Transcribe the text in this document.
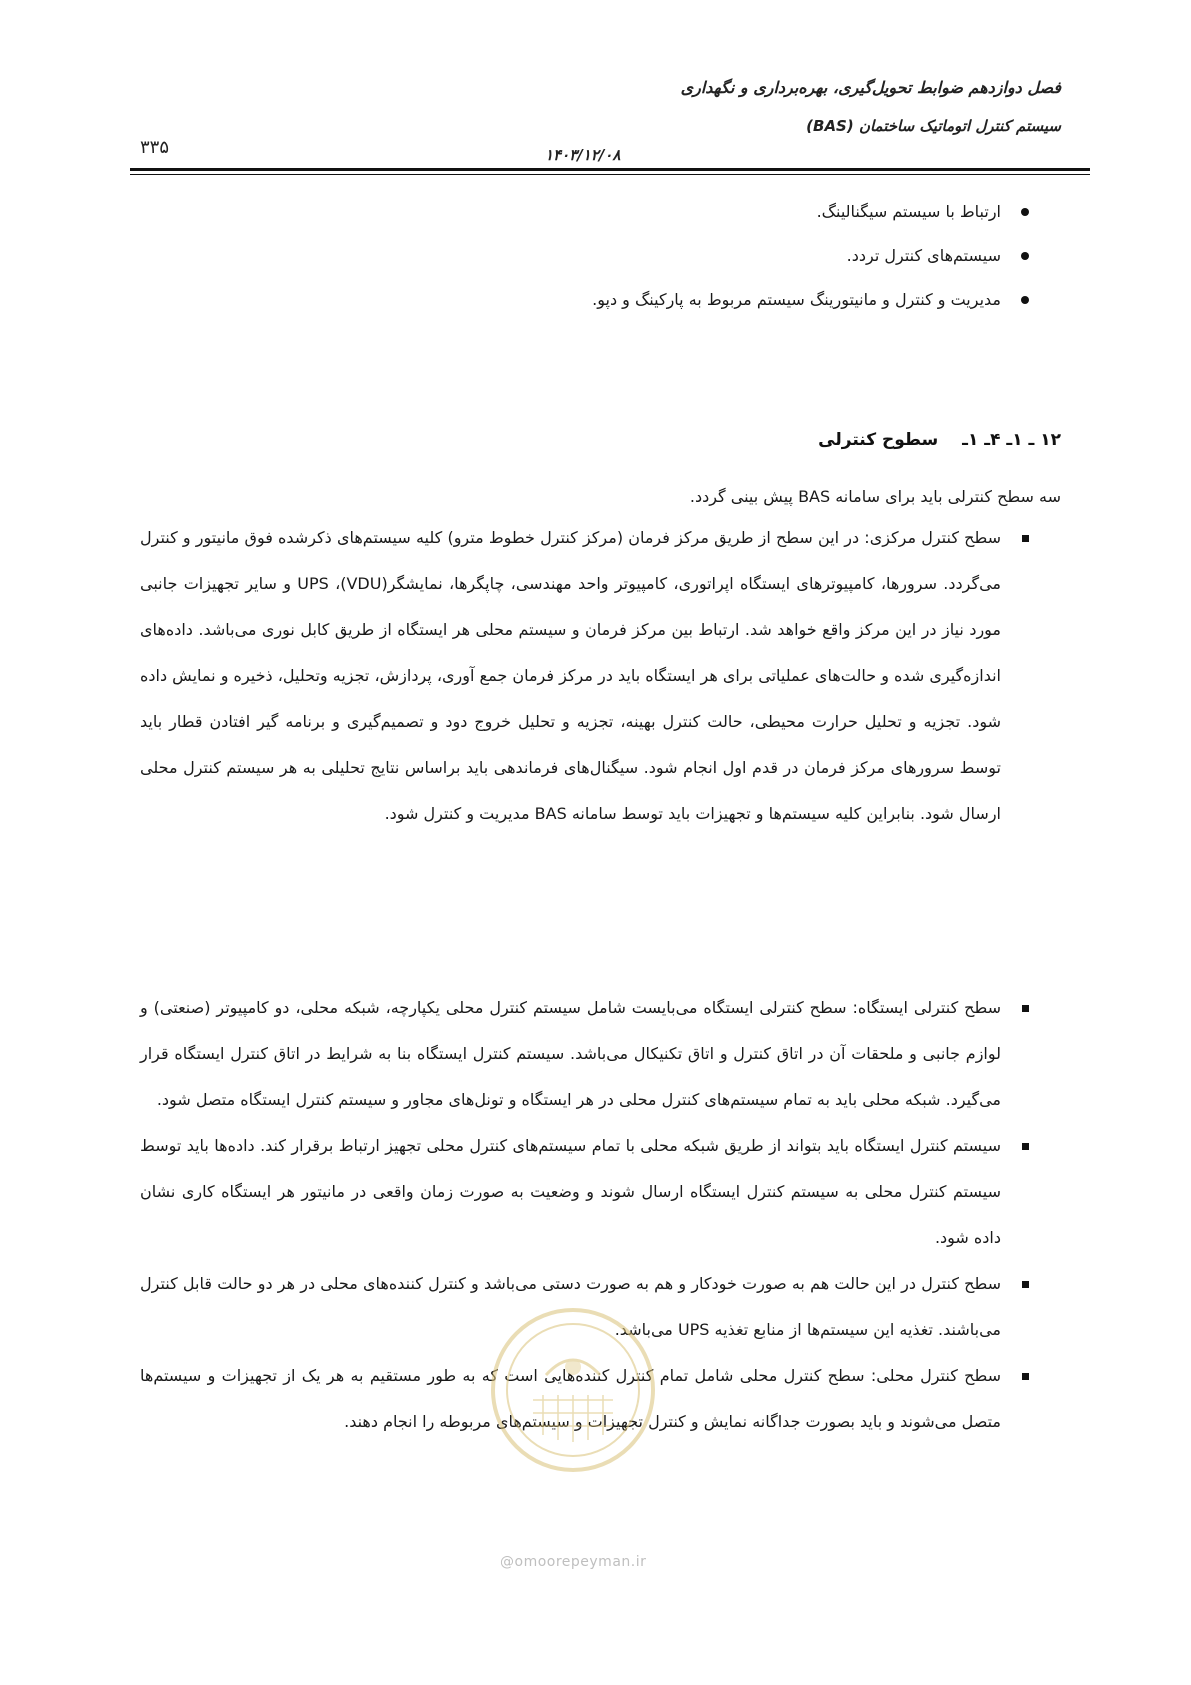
فصل دوازدهم ضوابط تحویل‌گیری، بهره‌برداری و نگهداری
سیستم کنترل اتوماتیک ساختمان (BAS)
۳۳۵	۱۴۰۳/۱۲/۰۸
ارتباط با سیستم سیگنالینگ.
سیستم‌های کنترل تردد.
مدیریت و کنترل و مانیتورینگ سیستم مربوط به پارکینگ و دپو.
۱۲ ـ ۱ـ ۴ـ ۱ـ سطوح کنترلی
سه سطح کنترلی باید برای سامانه BAS پیش بینی گردد.
سطح کنترل مرکزی: در این سطح از طریق مرکز فرمان (مرکز کنترل خطوط مترو) کلیه سیستم‌های ذکرشده فوق مانیتور و کنترل می‌گردد. سرورها، کامپیوترهای ایستگاه اپراتوری، کامپیوتر واحد مهندسی، چاپگرها، نمایشگر(VDU)، UPS و سایر تجهیزات جانبی مورد نیاز در این مرکز واقع خواهد شد. ارتباط بین مرکز فرمان و سیستم محلی هر ایستگاه از طریق کابل نوری می‌باشد. داده‌های اندازه‌گیری شده و حالت‌های عملیاتی برای هر ایستگاه باید در مرکز فرمان جمع آوری، پردازش، تجزیه وتحلیل، ذخیره و نمایش داده شود. تجزیه و تحلیل حرارت محیطی، حالت کنترل بهینه، تجزیه و تحلیل خروج دود و تصمیم‌گیری و برنامه گیر افتادن قطار باید توسط سرورهای مرکز فرمان در قدم اول انجام شود. سیگنال‌های فرماندهی باید براساس نتایج تحلیلی به هر سیستم کنترل محلی ارسال شود. بنابراین کلیه سیستم‌ها و تجهیزات باید توسط سامانه BAS مدیریت و کنترل شود.
سطح کنترلی ایستگاه: سطح کنترلی ایستگاه می‌بایست شامل سیستم کنترل محلی یکپارچه، شبکه محلی، دو کامپیوتر (صنعتی) و لوازم جانبی و ملحقات آن در اتاق کنترل و اتاق تکنیکال می‌باشد. سیستم کنترل ایستگاه بنا به شرایط در اتاق کنترل ایستگاه قرار می‌گیرد. شبکه محلی باید به تمام سیستم‌های کنترل محلی در هر ایستگاه و تونل‌های مجاور و سیستم کنترل ایستگاه متصل شود.
سیستم کنترل ایستگاه باید بتواند از طریق شبکه محلی با تمام سیستم‌های کنترل محلی تجهیز ارتباط برقرار کند. داده‌ها باید توسط سیستم کنترل محلی به سیستم کنترل ایستگاه ارسال شوند و وضعیت به صورت زمان واقعی در مانیتور هر ایستگاه کاری نشان داده شود.
سطح کنترل در این حالت هم به صورت خودکار و هم به صورت دستی می‌باشد و کنترل کننده‌های محلی در هر دو حالت قابل کنترل می‌باشند. تغذیه این سیستم‌ها از منابع تغذیه UPS می‌باشد.
سطح کنترل محلی: سطح کنترل محلی شامل تمام کنترل کننده‌هایی است که به طور مستقیم به هر یک از تجهیزات و سیستم‌ها متصل می‌شوند و باید بصورت جداگانه نمایش و کنترل تجهیزات و سیستم‌های مربوطه را انجام دهند.
@omoorepeyman.ir
